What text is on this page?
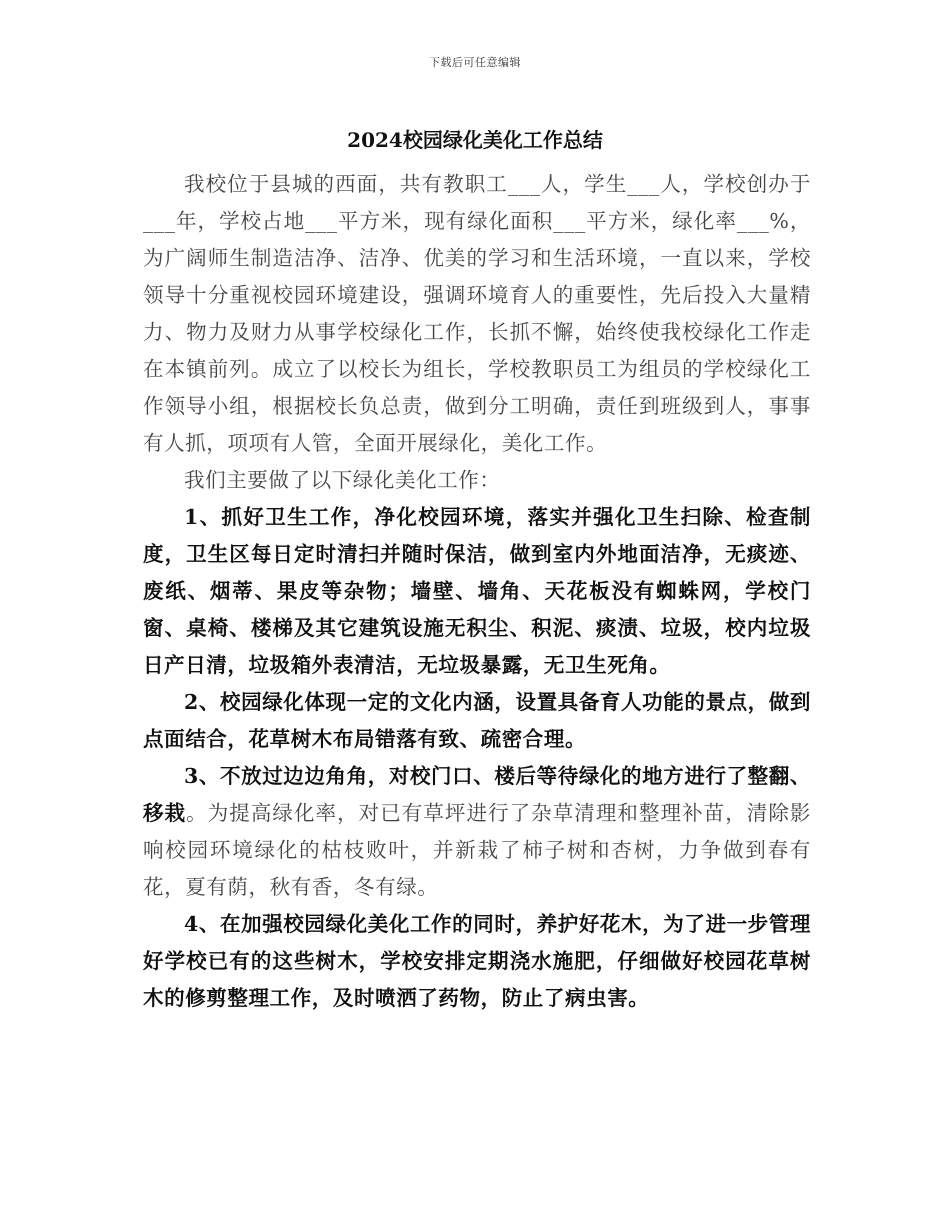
下载后可任意编辑
2024校园绿化美化工作总结

我校位于县城的西面，共有教职工___人，学生___人，学校创办于___年，学校占地___平方米，现有绿化面积___平方米，绿化率___%，为广阔师生制造洁净、洁净、优美的学习和生活环境，一直以来，学校领导十分重视校园环境建设，强调环境育人的重要性，先后投入大量精力、物力及财力从事学校绿化工作，长抓不懈，始终使我校绿化工作走在本镇前列。成立了以校长为组长，学校教职员工为组员的学校绿化工作领导小组，根据校长负总责，做到分工明确，责任到班级到人，事事有人抓，项项有人管，全面开展绿化，美化工作。

我们主要做了以下绿化美化工作：

1、抓好卫生工作，净化校园环境，落实并强化卫生扫除、检查制度，卫生区每日定时清扫并随时保洁，做到室内外地面洁净，无痰迹、废纸、烟蒂、果皮等杂物；墙壁、墙角、天花板没有蜘蛛网，学校门窗、桌椅、楼梯及其它建筑设施无积尘、积泥、痰渍、垃圾，校内垃圾日产日清，垃圾箱外表清洁，无垃圾暴露，无卫生死角。

2、校园绿化体现一定的文化内涵，设置具备育人功能的景点，做到点面结合，花草树木布局错落有致、疏密合理。

3、不放过边边角角，对校门口、楼后等待绿化的地方进行了整翻、移栽。为提高绿化率，对已有草坪进行了杂草清理和整理补苗，清除影响校园环境绿化的枯枝败叶，并新栽了柿子树和杏树，力争做到春有花，夏有荫，秋有香，冬有绿。

4、在加强校园绿化美化工作的同时，养护好花木，为了进一步管理好学校已有的这些树木，学校安排定期浇水施肥，仔细做好校园花草树木的修剪整理工作，及时喷洒了药物，防止了病虫害。
